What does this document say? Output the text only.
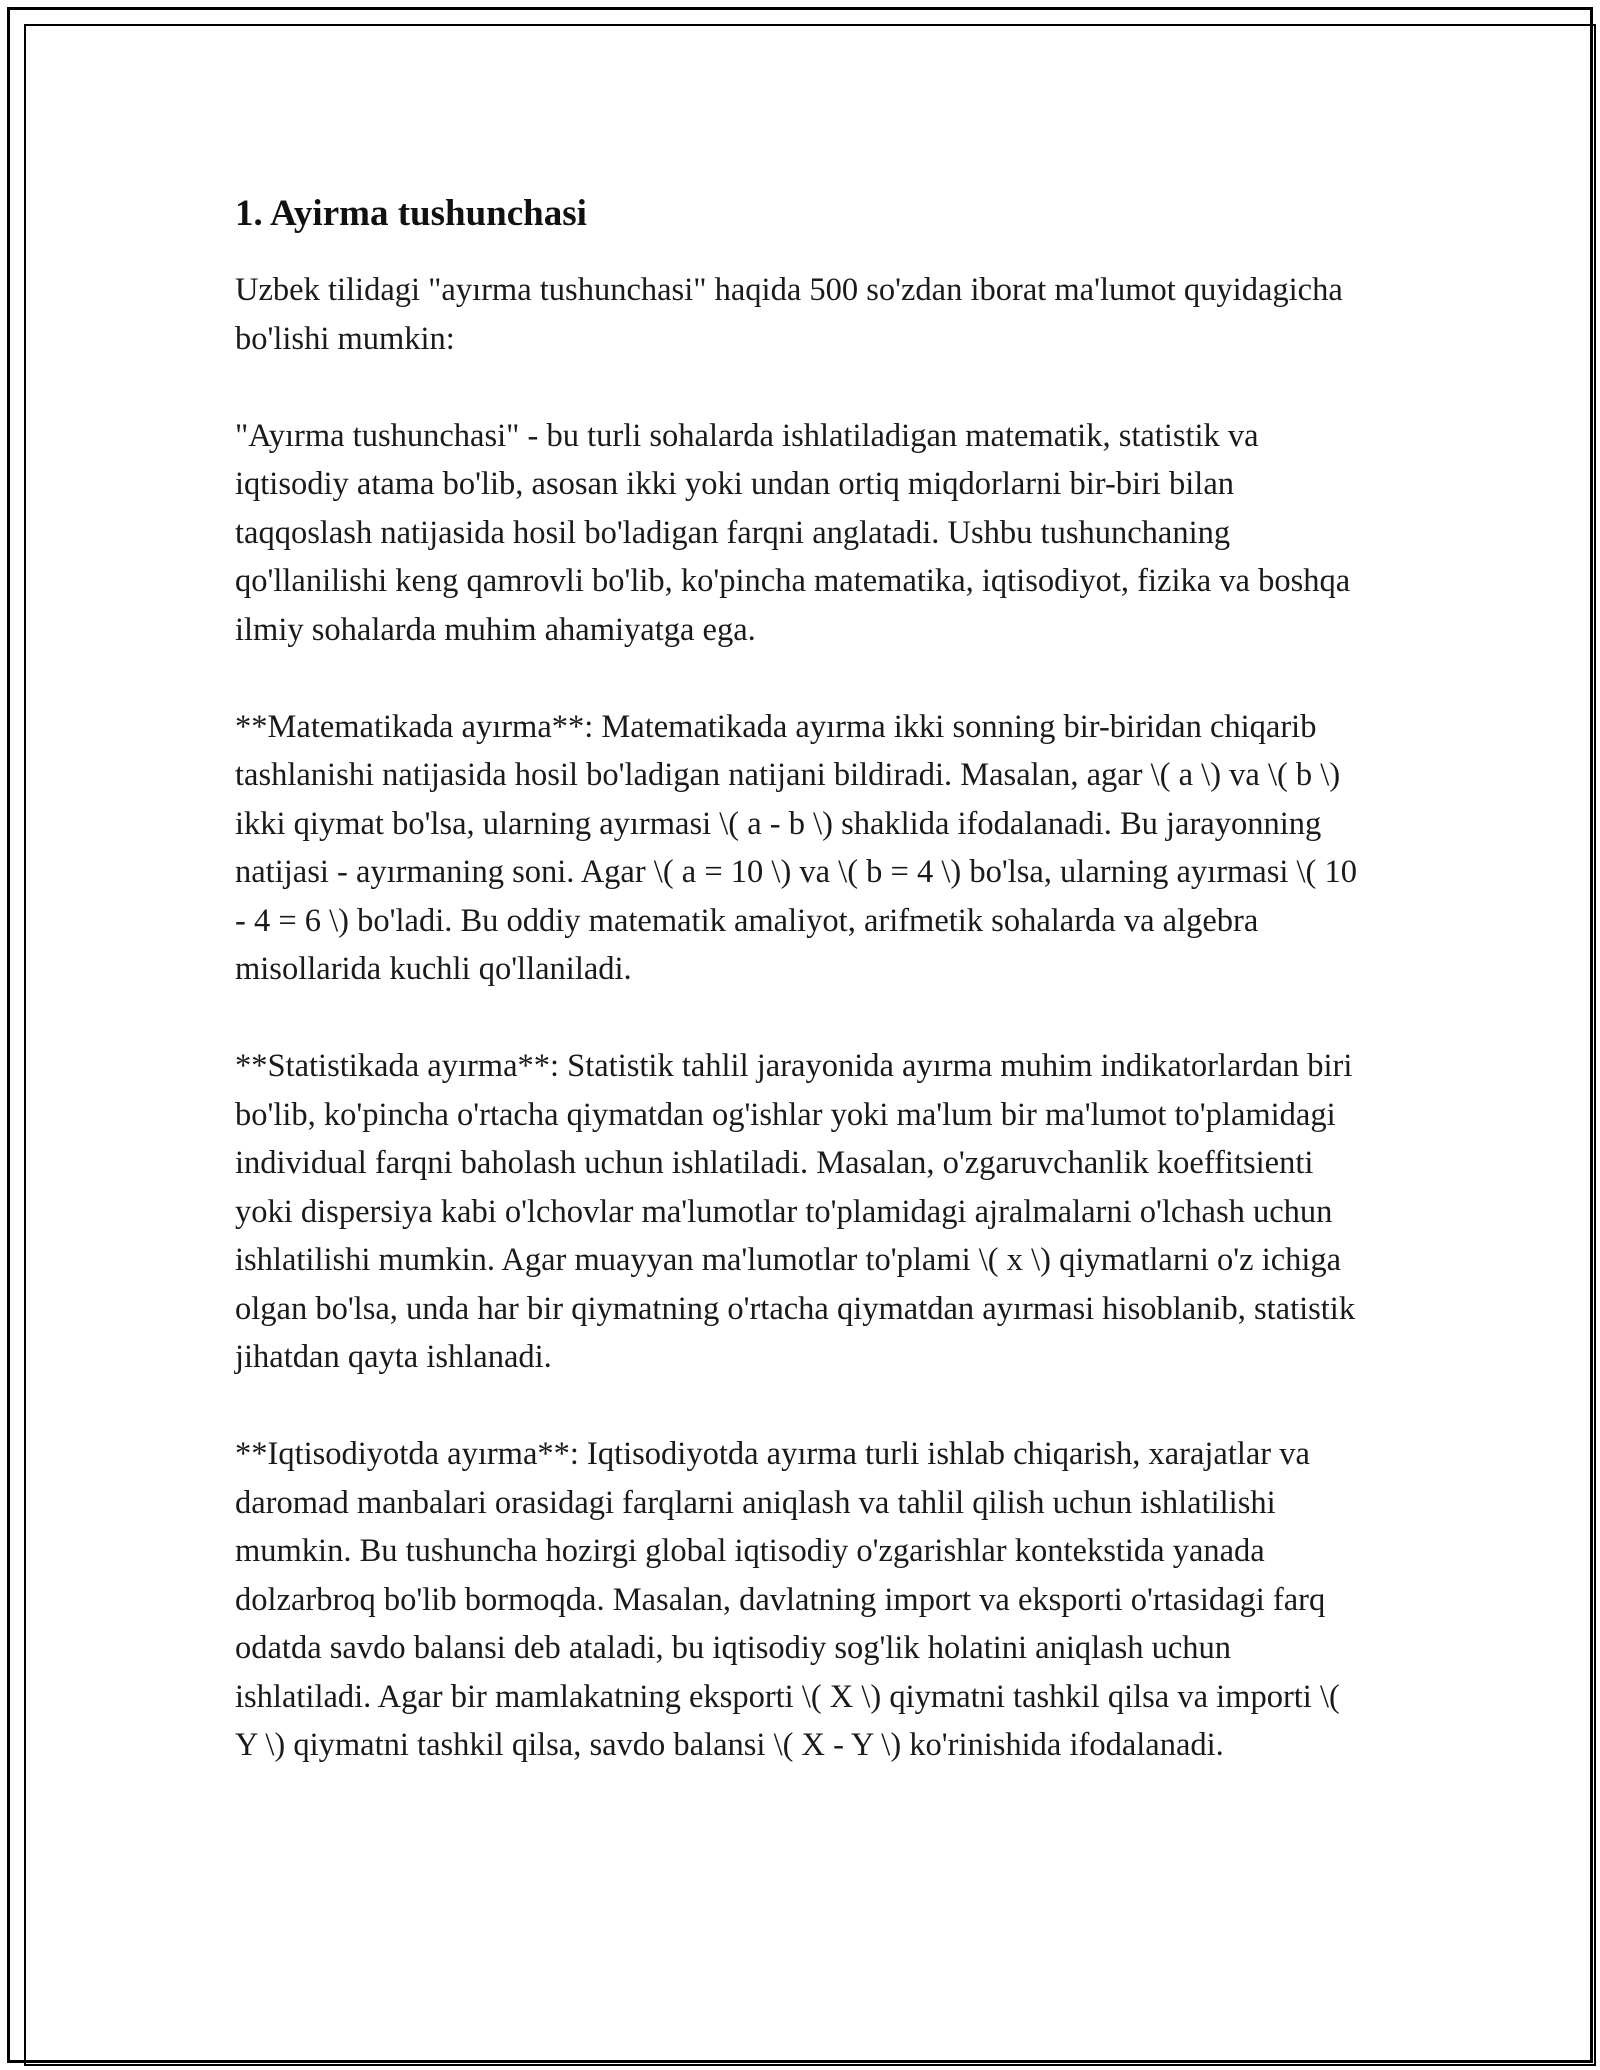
1. Ayirma tushunchasi

Uzbek tilidagi "ayırma tushunchasi" haqida 500 so'zdan iborat ma'lumot quyidagicha bo'lishi mumkin:

"Ayırma tushunchasi" - bu turli sohalarda ishlatiladigan matematik, statistik va iqtisodiy atama bo'lib, asosan ikki yoki undan ortiq miqdorlarni bir-biri bilan taqqoslash natijasida hosil bo'ladigan farqni anglatadi. Ushbu tushunchaning qo'llanilishi keng qamrovli bo'lib, ko'pincha matematika, iqtisodiyot, fizika va boshqa ilmiy sohalarda muhim ahamiyatga ega.

**Matematikada ayırma**: Matematikada ayırma ikki sonning bir-biridan chiqarib tashlanishi natijasida hosil bo'ladigan natijani bildiradi. Masalan, agar \( a \) va \( b \) ikki qiymat bo'lsa, ularning ayırmasi \( a - b \) shaklida ifodalanadi. Bu jarayonning natijasi - ayırmaning soni. Agar \( a = 10 \) va \( b = 4 \) bo'lsa, ularning ayırmasi \( 10 - 4 = 6 \) bo'ladi. Bu oddiy matematik amaliyot, arifmetik sohalarda va algebra misollarida kuchli qo'llaniladi.

**Statistikada ayırma**: Statistik tahlil jarayonida ayırma muhim indikatorlardan biri bo'lib, ko'pincha o'rtacha qiymatdan og'ishlar yoki ma'lum bir ma'lumot to'plamidagi individual farqni baholash uchun ishlatiladi. Masalan, o'zgaruvchanlik koeffitsienti yoki dispersiya kabi o'lchovlar ma'lumotlar to'plamidagi ajralmalarni o'lchash uchun ishlatilishi mumkin. Agar muayyan ma'lumotlar to'plami \( x \) qiymatlarni o'z ichiga olgan bo'lsa, unda har bir qiymatning o'rtacha qiymatdan ayırmasi hisoblanib, statistik jihatdan qayta ishlanadi.

**Iqtisodiyotda ayırma**: Iqtisodiyotda ayırma turli ishlab chiqarish, xarajatlar va daromad manbalari orasidagi farqlarni aniqlash va tahlil qilish uchun ishlatilishi mumkin. Bu tushuncha hozirgi global iqtisodiy o'zgarishlar kontekstida yanada dolzarbroq bo'lib bormoqda. Masalan, davlatning import va eksporti o'rtasidagi farq odatda savdo balansi deb ataladi, bu iqtisodiy sog'lik holatini aniqlash uchun ishlatiladi. Agar bir mamlakatning eksporti \( X \) qiymatni tashkil qilsa va importi \( Y \) qiymatni tashkil qilsa, savdo balansi \( X - Y \) ko'rinishida ifodalanadi.
